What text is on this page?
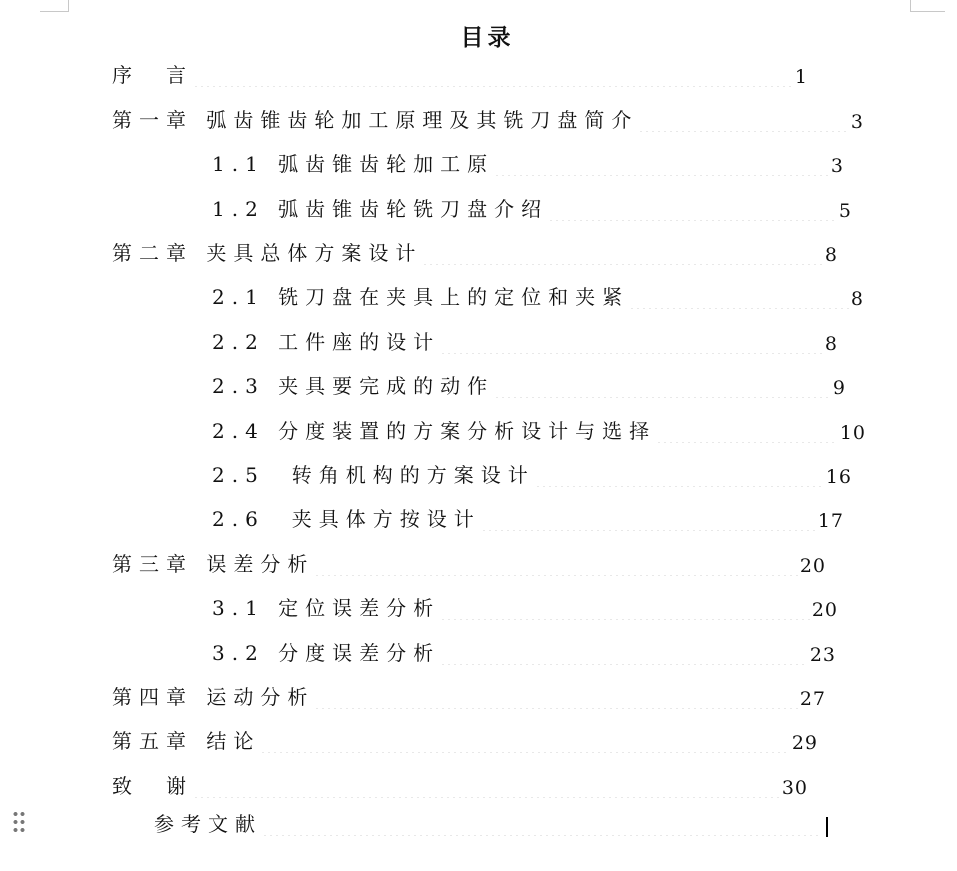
目录
序　言	1
第一章 弧齿锥齿轮加工原理及其铣刀盘简介	3
1.1 弧齿锥齿轮加工原	3
1.2 弧齿锥齿轮铣刀盘介绍	5
第二章 夹具总体方案设计	8
2.1 铣刀盘在夹具上的定位和夹紧	8
2.2 工件座的设计	8
2.3 夹具要完成的动作	9
2.4 分度装置的方案分析设计与选择	10
2.5　转角机构的方案设计	16
2.6　夹具体方按设计	17
第三章 误差分析	20
3.1 定位误差分析	20
3.2 分度误差分析	23
第四章 运动分析	27
第五章 结论	29
致　谢	30
参考文献
